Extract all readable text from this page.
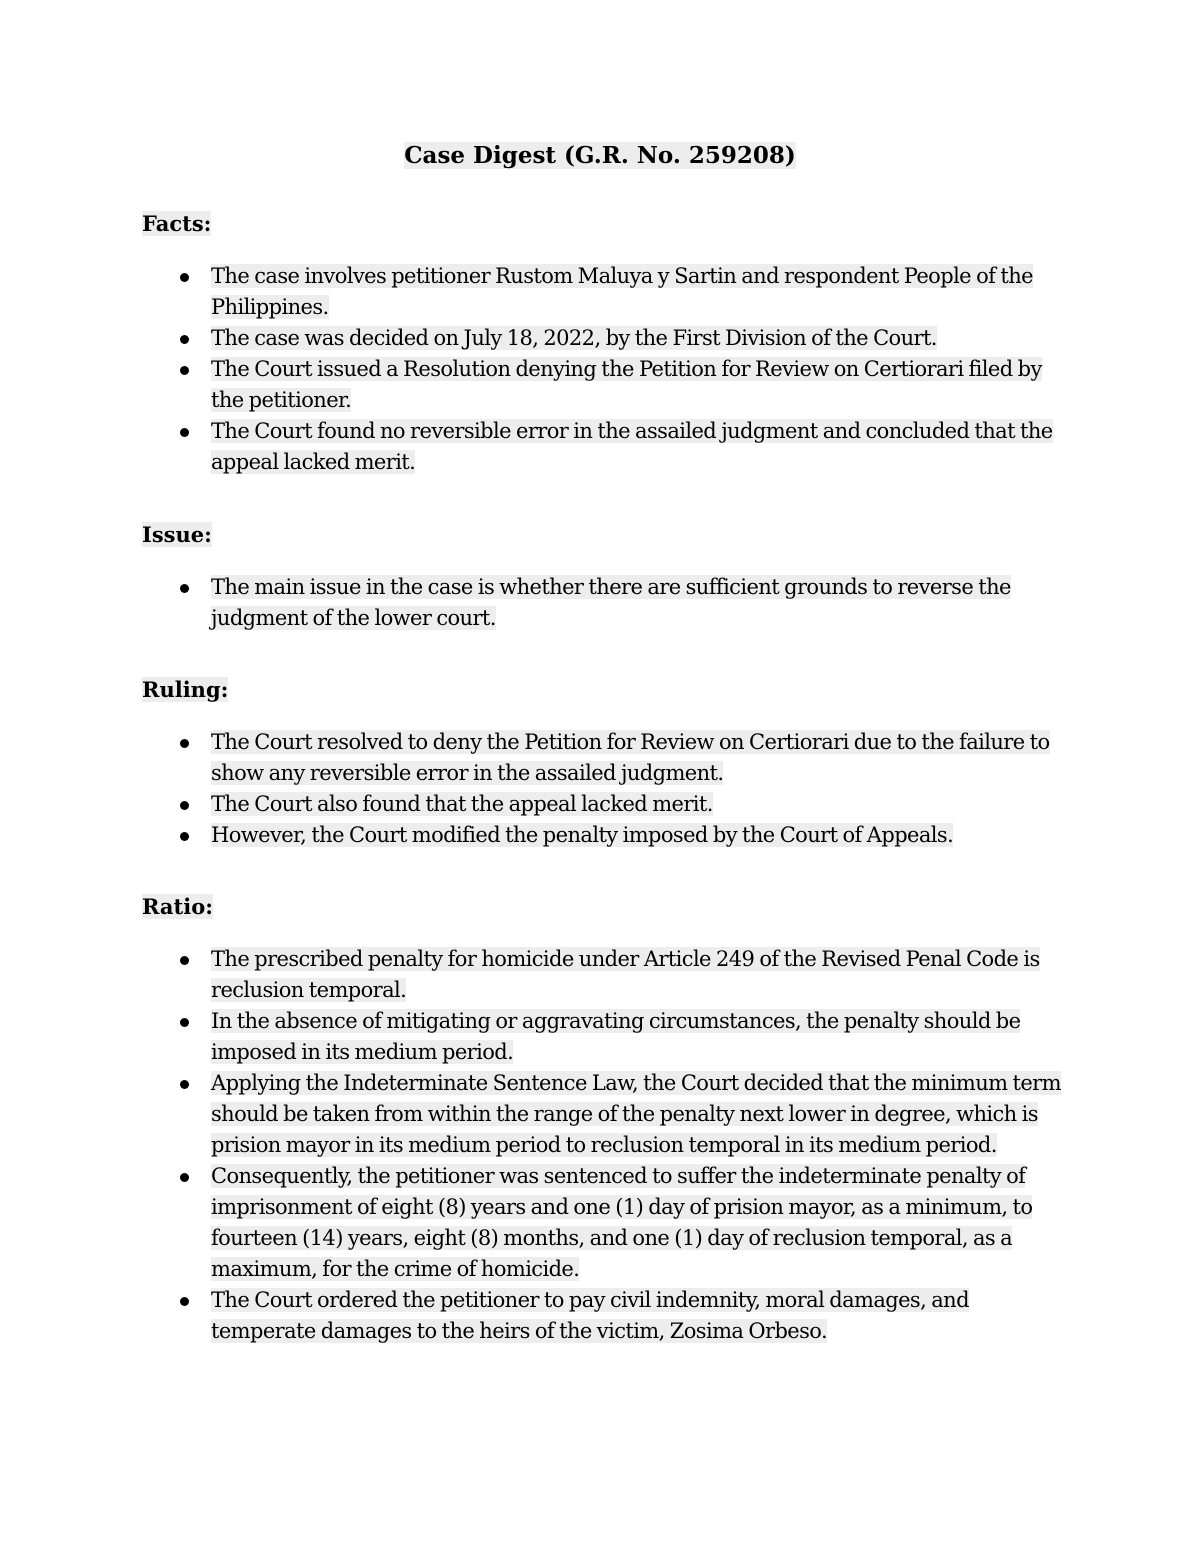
Case Digest (G.R. No. 259208)

Facts:

The case involves petitioner Rustom Maluya y Sartin and respondent People of the Philippines.
The case was decided on July 18, 2022, by the First Division of the Court.
The Court issued a Resolution denying the Petition for Review on Certiorari filed by the petitioner.
The Court found no reversible error in the assailed judgment and concluded that the appeal lacked merit.

Issue:

The main issue in the case is whether there are sufficient grounds to reverse the judgment of the lower court.

Ruling:

The Court resolved to deny the Petition for Review on Certiorari due to the failure to show any reversible error in the assailed judgment.
The Court also found that the appeal lacked merit.
However, the Court modified the penalty imposed by the Court of Appeals.

Ratio:

The prescribed penalty for homicide under Article 249 of the Revised Penal Code is reclusion temporal.
In the absence of mitigating or aggravating circumstances, the penalty should be imposed in its medium period.
Applying the Indeterminate Sentence Law, the Court decided that the minimum term should be taken from within the range of the penalty next lower in degree, which is prision mayor in its medium period to reclusion temporal in its medium period.
Consequently, the petitioner was sentenced to suffer the indeterminate penalty of imprisonment of eight (8) years and one (1) day of prision mayor, as a minimum, to fourteen (14) years, eight (8) months, and one (1) day of reclusion temporal, as a maximum, for the crime of homicide.
The Court ordered the petitioner to pay civil indemnity, moral damages, and temperate damages to the heirs of the victim, Zosima Orbeso.
